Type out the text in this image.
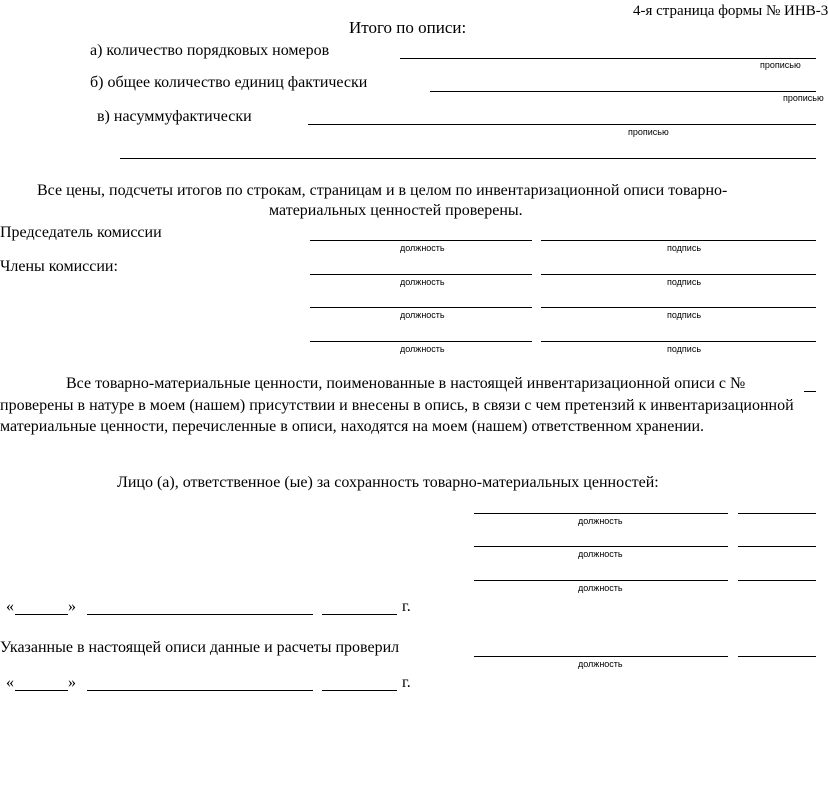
4-я страница формы № ИНВ-3
Итого по описи:
а) количество порядковых номеров
прописью
б) общее количество единиц фактически
прописью
в) насуммуфактически
прописью
Все цены, подсчеты итогов по строкам, страницам и в целом по инвентаризационной описи товарно-
материальных ценностей проверены.
Председатель комиссии
должность	подпись
Члены комиссии:
должность	подпись
должность	подпись
должность	подпись
Все товарно-материальные ценности, поименованные в настоящей инвентаризационной описи с №
проверены в натуре в моем (нашем) присутствии и внесены в опись, в связи с чем претензий к инвентаризационной
материальные ценности, перечисленные в описи, находятся на моем (нашем) ответственном хранении.
Лицо (а), ответственное (ые) за сохранность товарно-материальных ценностей:
должность
должность
должность
«	»	г.
Указанные в настоящей описи данные и расчеты проверил
должность
«	»	г.
